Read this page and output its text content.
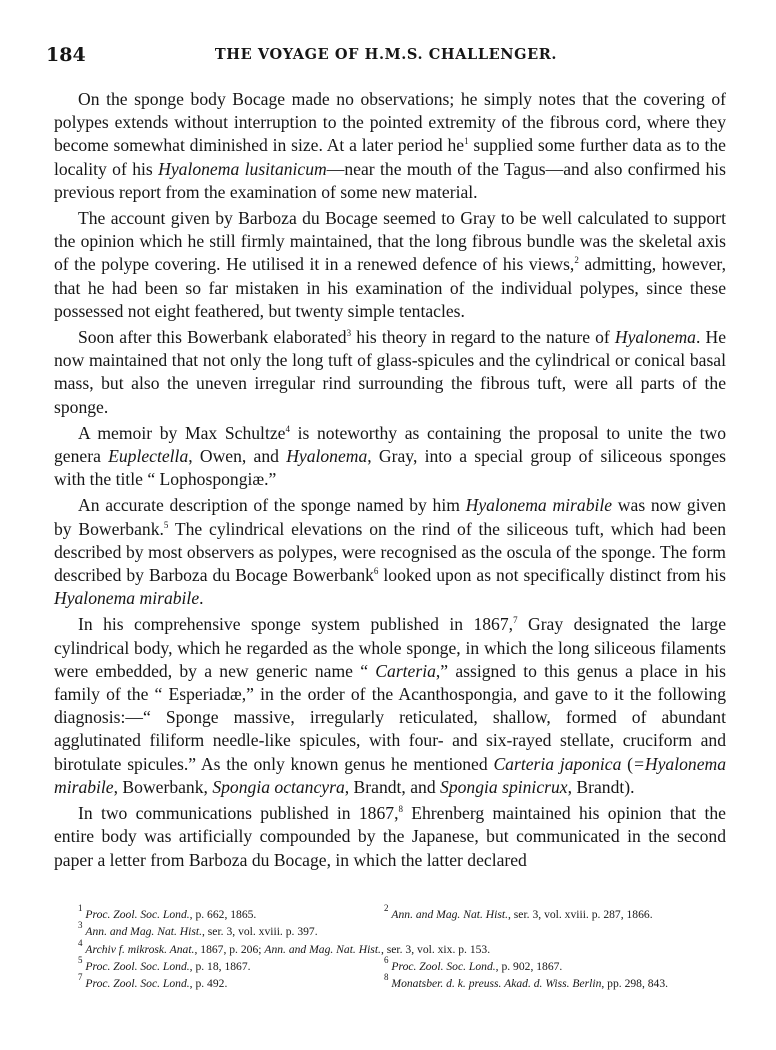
184	THE VOYAGE OF H.M.S. CHALLENGER.

On the sponge body Bocage made no observations; he simply notes that the covering of polypes extends without interruption to the pointed extremity of the fibrous cord, where they become somewhat diminished in size. At a later period $he^1$ supplied some further data as to the locality of his Hyalonema lusitanicum—near the mouth of the Tagus—and also confirmed his previous report from the examination of some new material.

The account given by Barboza du Bocage seemed to Gray to be well calculated to support the opinion which he still firmly maintained, that the long fibrous bundle was the skeletal axis of the polype covering. He utilised it in a renewed defence of his views,$^2$ admitting, however, that he had been so far mistaken in his examination of the individual polypes, since these possessed not eight feathered, but twenty simple tentacles.

Soon after this Bowerbank elaborated$^3$ his theory in regard to the nature of Hyalonema. He now maintained that not only the long tuft of glass-spicules and the cylindrical or conical basal mass, but also the uneven irregular rind surrounding the fibrous tuft, were all parts of the sponge.

A memoir by Max Schultze$^4$ is noteworthy as containing the proposal to unite the two genera Euplectella, Owen, and Hyalonema, Gray, into a special group of siliceous sponges with the title “ Lophospongiæ.”

An accurate description of the sponge named by him Hyalonema mirabile was now given by Bowerbank.$^5$ The cylindrical elevations on the rind of the siliceous tuft, which had been described by most observers as polypes, were recognised as the oscula of the sponge. The form described by Barboza du Bocage Bowerbank$^6$ looked upon as not specifically distinct from his Hyalonema mirabile.

In his comprehensive sponge system published in 1867,$^7$ Gray designated the large cylindrical body, which he regarded as the whole sponge, in which the long siliceous filaments were embedded, by a new generic name “ Carteria,” assigned to this genus a place in his family of the “ Esperiadæ,” in the order of the Acanthospongia, and gave to it the following diagnosis:—“ Sponge massive, irregularly reticulated, shallow, formed of abundant agglutinated filiform needle-like spicules, with four- and six-rayed stellate, cruciform and birotulate spicules.” As the only known genus he mentioned Carteria japonica (=Hyalonema mirabile, Bowerbank, Spongia octancyra, Brandt, and Spongia spinicrux, Brandt).

In two communications published in 1867,$^8$ Ehrenberg maintained his opinion that the entire body was artificially compounded by the Japanese, but communicated in the second paper a letter from Barboza du Bocage, in which the latter declared

$^1$ Proc. Zool. Soc. Lond., p. 662, 1865.	$^2$ Ann. and Mag. Nat. Hist., ser. 3, vol. xviii. p. 287, 1866.
$^3$ Ann. and Mag. Nat. Hist., ser. 3, vol. xviii. p. 397.
$^4$ Archiv f. mikrosk. Anat., 1867, p. 206; Ann. and Mag. Nat. Hist., ser. 3, vol. xix. p. 153.
$^5$ Proc. Zool. Soc. Lond., p. 18, 1867.	$^6$ Proc. Zool. Soc. Lond., p. 902, 1867.
$^7$ Proc. Zool. Soc. Lond., p. 492.	$^8$ Monatsber. d. k. preuss. Akad. d. Wiss. Berlin, pp. 298, 843.
